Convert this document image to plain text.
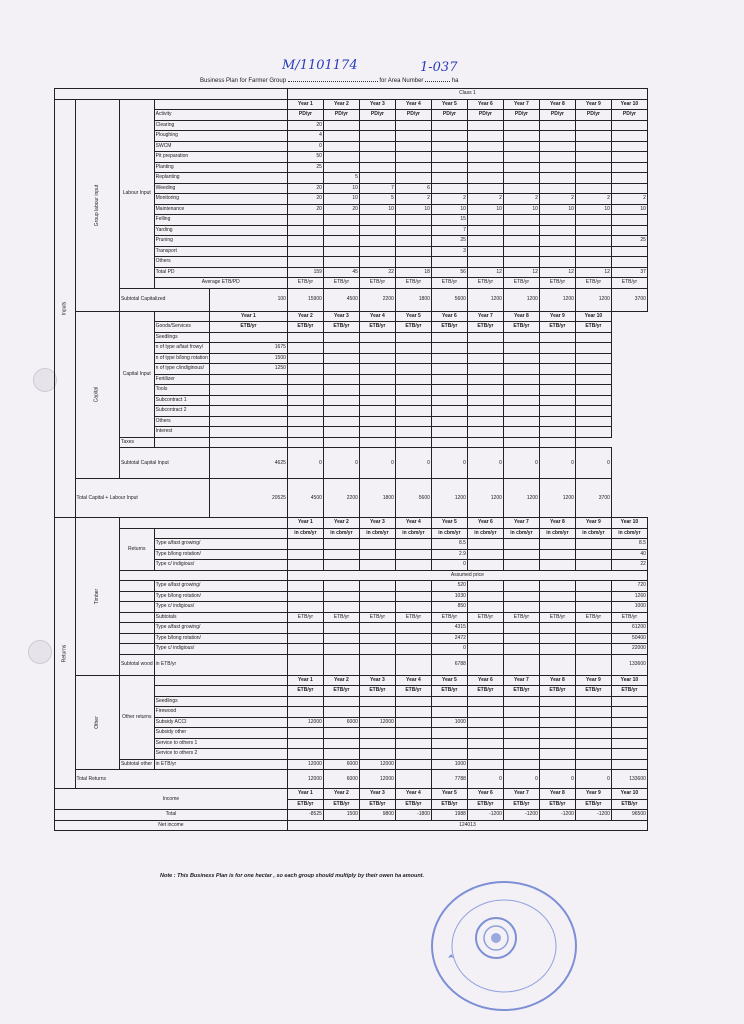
M/1101174	1-037
Business Plan for Farmer Group	for Area Number	ha
					Class 1									
Inputs	Group labour input	Labour Input			Year 1	Year 2	Year 3	Year 4	Year 5	Year 6	Year 7	Year 8	Year 9	Year 10
			Activity		PD/yr	PD/yr	PD/yr	PD/yr	PD/yr	PD/yr	PD/yr	PD/yr	PD/yr	PD/yr
			Clearing		20									
			Ploughing		4									
			SWCM		0									
			Pit preparation		50									
			Planting		25									
			Replanting			5								
			Weeding		20	10	7	6						
			Monitoring		20	10	5	2	2	2	2	2	2	2
			Maintenance		20	20	10	10	10	10	10	10	10	10
			Felling						15					
			Yarding						7					
			Pruning						25					25
			Transport						3					
			Others											
			Total PD		159	45	22	18	56	12	12	12	12	37
			Average ETB/PD		ETB/yr	ETB/yr	ETB/yr	ETB/yr	ETB/yr	ETB/yr	ETB/yr	ETB/yr	ETB/yr	ETB/yr
		Subtotal Capitalized		100	15900	4500	2200	1800	5600	1200	1200	1200	1200	3700
	Capital	Capital Input		Year 1	Year 2	Year 3	Year 4	Year 5	Year 6	Year 7	Year 8	Year 9	Year 10	
			Goods/Services	ETB/yr	ETB/yr	ETB/yr	ETB/yr	ETB/yr	ETB/yr	ETB/yr	ETB/yr	ETB/yr	ETB/yr	
			Seedlings											
			n of type a/fast frowy/	1675										
			n of type b/long rotation	1500										
			n of type c/indiginous/	1250										
			Fertilizer											
			Tools											
			Subcontract 1											
			Subcontract 2											
			Others											
			Interest											
		Taxes												
		Subtotal Capital Input		4625	0	0	0	0	0	0	0	0	0	
	Total Capital + Labour Input			20525	4500	2200	1800	5600	1200	1200	1200	1200	3700	
Returns	Timber				Year 1	Year 2	Year 3	Year 4	Year 5	Year 6	Year 7	Year 8	Year 9	Year 10
		Returns			in cbm/yr	in cbm/yr	in cbm/yr	in cbm/yr	in cbm/yr	in cbm/yr	in cbm/yr	in cbm/yr	in cbm/yr	in cbm/yr
			Type a/fast growing/						8.5					8.5
			Type b/long rotation/						2.9					40
			Type c/ indigious/						0					22
					Assumed price									
			Type a/fast growing/						520					720
			Type b/long rotation/						1030					1260
			Type c/ indigious/						850					1000
			Subtotals		ETB/yr	ETB/yr	ETB/yr	ETB/yr	ETB/yr	ETB/yr	ETB/yr	ETB/yr	ETB/yr	ETB/yr
			Type a/fast growing/						4315					61200
			Type b/long rotation/						2472					50400
			Type c/ indigious/						0					22000
		Subtotal wood	in ETB/yr						6788					133600
	Other	Other returns			Year 1	Year 2	Year 3	Year 4	Year 5	Year 6	Year 7	Year 8	Year 9	Year 10
					ETB/yr	ETB/yr	ETB/yr	ETB/yr	ETB/yr	ETB/yr	ETB/yr	ETB/yr	ETB/yr	ETB/yr
			Seedlings											
			Firewood											
			Subsidy ACCI		12000	6000	12000		1000					
			Subsidy other											
			Service to others 1											
			Service to others 2											
		Subtotal other	in ETB/yr		12000	6000	12000		1000					
	Total Returns				12000	6000	12000		7788	0	0	0	0	133600
Income					Year 1	Year 2	Year 3	Year 4	Year 5	Year 6	Year 7	Year 8	Year 9	Year 10
					ETB/yr	ETB/yr	ETB/yr	ETB/yr	ETB/yr	ETB/yr	ETB/yr	ETB/yr	ETB/yr	ETB/yr
Total					-8525	1500	9800	-1800	1988	-1200	-1200	-1200	-1200	96500
Net income					124013									
Note : This Business Plan is for one hectar , so each group should multiply by their owen ha amount.
